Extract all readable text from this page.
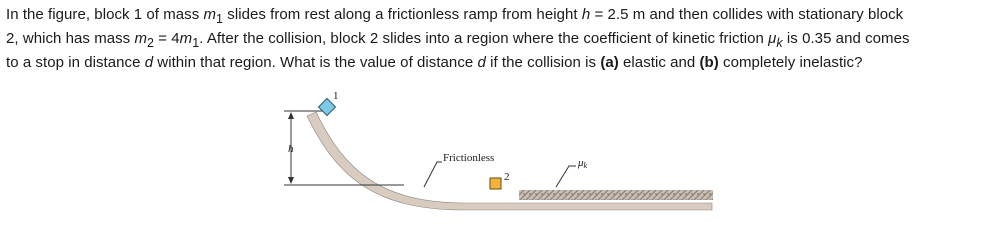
In the figure, block 1 of mass $m_1$ slides from rest along a frictionless ramp from height h = 2.5 m and then collides with stationary block
2, which has mass $m_2 = 4m_1$. After the collision, block 2 slides into a region where the coefficient of kinetic friction $\mu_k$ is 0.35 and comes
to a stop in distance d within that region. What is the value of distance d if the collision is (a) elastic and (b) completely inelastic?
h
1
Frictionless
2
μk
